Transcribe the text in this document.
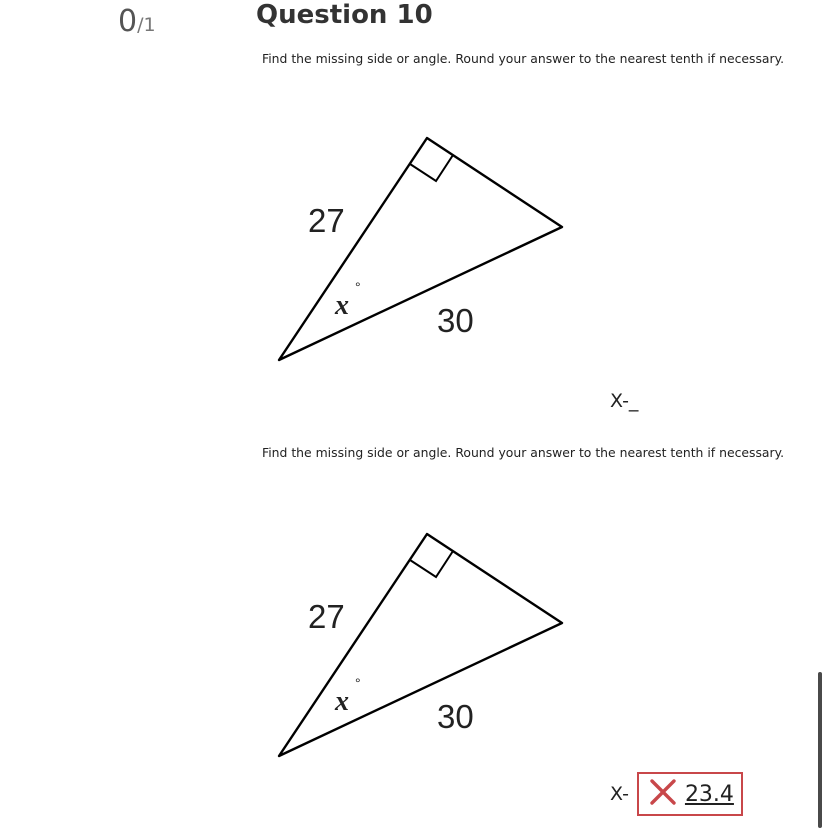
0/1	Question 10
Find the missing side or angle. Round your answer to the nearest tenth if necessary.
27
30
x
°
X-_
Find the missing side or angle. Round your answer to the nearest tenth if necessary.
27
30
x
°
X-	23.4
